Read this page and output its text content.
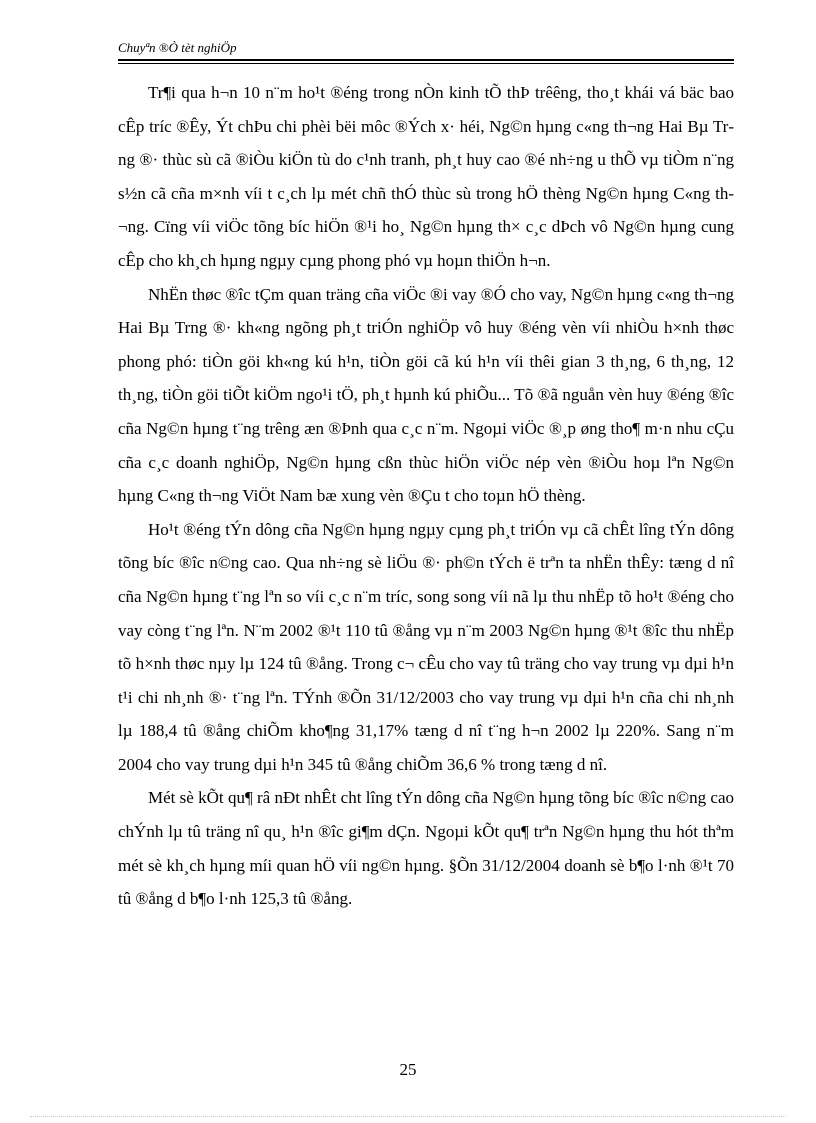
Chuyªn ®Ò tèt nghiÖp

Tr¶i qua h¬n 10 n¨m ho¹t ®éng trong nÒn kinh tÕ thÞ trêêng, tho¸t khái vá bäc bao cÊp tríc ®Êy, Ýt chÞu chi phèi bëi môc ®Ých x· héi, Ng©n hµng c«ng th¬ng Hai Bµ Trng ®· thùc sù cã ®iÒu kiÖn tù do c¹nh tranh, ph¸t huy cao ®é nh÷ng u thÕ vµ tiÒm n¨ng s½n cã cña m×nh víi t c¸ch lµ mét chñ thÓ thùc sù trong hÖ thèng Ng©n hµng C«ng th¬ng. Cïng víi viÖc tõng bíc hiÖn ®¹i ho¸ Ng©n hµng th× c¸c dÞch vô Ng©n hµng cung cÊp cho kh¸ch hµng ngµy cµng phong phó vµ hoµn thiÖn h¬n.

NhËn thøc ®îc tÇm quan träng cña viÖc ®i vay ®Ó cho vay, Ng©n hµng c«ng th¬ng Hai Bµ Trng ®· kh«ng ngõng ph¸t triÓn nghiÖp vô huy ®éng vèn víi nhiÒu h×nh thøc phong phó: tiÒn göi kh«ng kú h¹n, tiÒn göi cã kú h¹n víi thêi gian 3 th¸ng, 6 th¸ng, 12 th¸ng, tiÒn göi tiÕt kiÖm ngo¹i tÖ, ph¸t hµnh kú phiÕu... Tõ ®ã nguån vèn huy ®éng ®îc cña Ng©n hµng t¨ng trêng æn ®Þnh qua c¸c n¨m. Ngoµi viÖc ®¸p øng tho¶ m·n nhu cÇu cña c¸c doanh nghiÖp, Ng©n hµng cßn thùc hiÖn viÖc nép vèn ®iÒu hoµ lªn Ng©n hµng C«ng th¬ng ViÖt Nam bæ xung vèn ®Çu t cho toµn hÖ thèng.

Ho¹t ®éng tÝn dông cña Ng©n hµng ngµy cµng ph¸t triÓn vµ cã chÊt lîng tÝn dông tõng bíc ®îc n©ng cao. Qua nh÷ng sè liÖu ®· ph©n tÝch ë trªn ta nhËn thÊy: tæng d nî cña Ng©n hµng t¨ng lªn so víi c¸c n¨m tríc, song song víi nã lµ thu nhËp tõ ho¹t ®éng cho vay còng t¨ng lªn. N¨m 2002 ®¹t 110 tû ®ång vµ n¨m 2003 Ng©n hµng ®¹t ®îc thu nhËp tõ h×nh thøc nµy lµ 124 tû ®ång. Trong c¬ cÊu cho vay tû träng cho vay trung vµ dµi h¹n t¹i chi nh¸nh ®· t¨ng lªn. TÝnh ®Õn 31/12/2003 cho vay trung vµ dµi h¹n cña chi nh¸nh lµ 188,4 tû ®ång chiÕm kho¶ng 31,17% tæng d nî t¨ng h¬n 2002 lµ 220%. Sang n¨m 2004 cho vay trung dµi h¹n 345 tû ®ång chiÕm 36,6 % trong tæng d nî.

Mét sè kÕt qu¶ râ nÐt nhÊt cht lîng tÝn dông cña Ng©n hµng tõng bíc ®îc n©ng cao chÝnh lµ tû träng nî qu¸ h¹n ®îc gi¶m dÇn. Ngoµi kÕt qu¶ trªn Ng©n hµng thu hót thªm mét sè kh¸ch hµng míi quan hÖ víi ng©n hµng. §Õn 31/12/2004 doanh sè b¶o l·nh ®¹t 70 tû ®ång d b¶o l·nh 125,3 tû ®ång.

25
